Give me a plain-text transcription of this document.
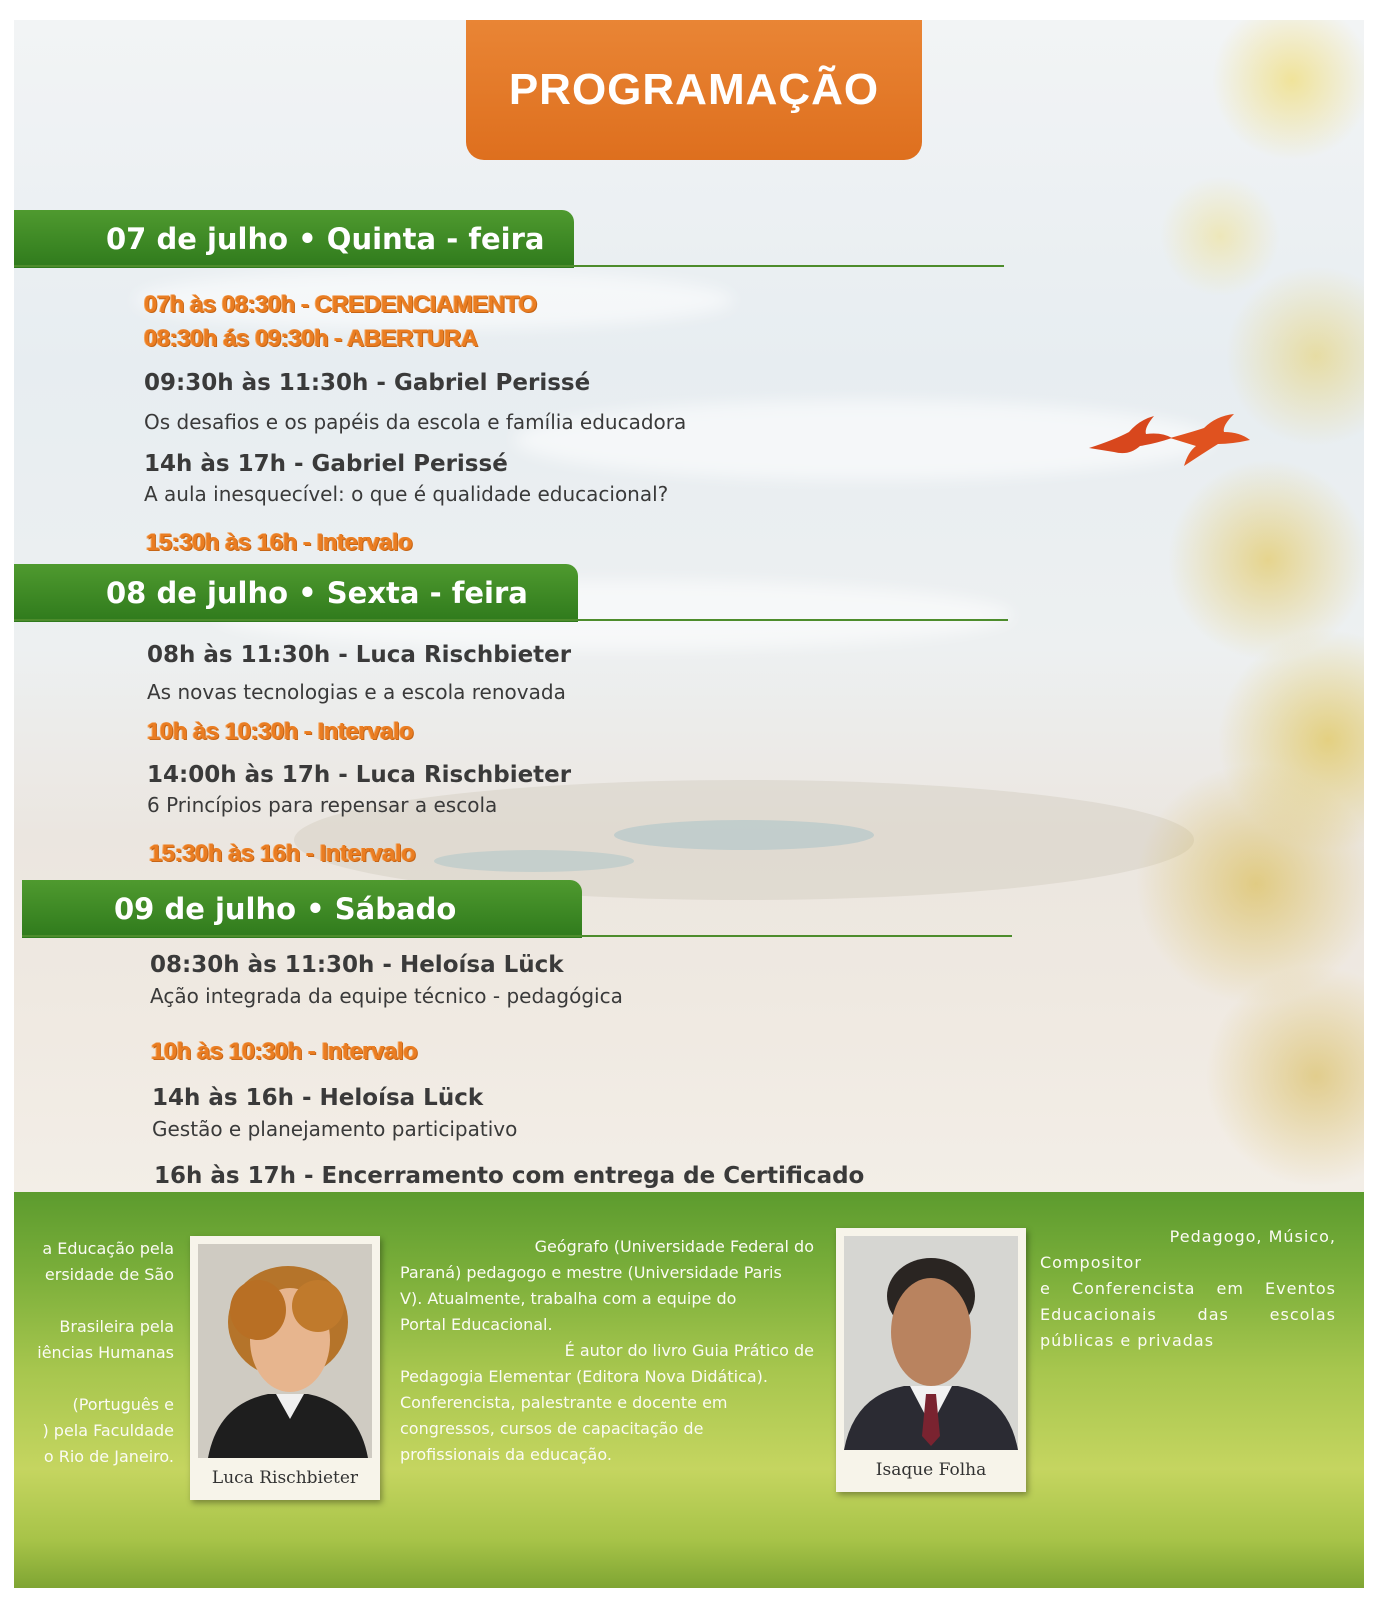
PROGRAMAÇÃO
07 de julho • Quinta - feira
07h às 08:30h - CREDENCIAMENTO
08:30h ás 09:30h - ABERTURA
09:30h às 11:30h - Gabriel Perissé
Os desafios e os papéis da escola e família educadora
14h às 17h - Gabriel Perissé
A aula inesquecível: o que é qualidade educacional?
15:30h às 16h - Intervalo
08 de julho • Sexta - feira
08h às 11:30h - Luca Rischbieter
As novas tecnologias e a escola renovada
10h às 10:30h - Intervalo
14:00h às 17h - Luca Rischbieter
6 Princípios para repensar a escola
15:30h às 16h - Intervalo
09 de julho • Sábado
08:30h às 11:30h - Heloísa Lück
Ação integrada da equipe técnico - pedagógica
10h às 10:30h - Intervalo
14h às 16h - Heloísa Lück
Gestão e planejamento participativo
16h às 17h - Encerramento com entrega de Certificado
a Educação pela
ersidade de São
Brasileira pela
iências Humanas
(Português e
) pela Faculdade
o Rio de Janeiro.
Luca Rischbieter
Geógrafo (Universidade Federal do
Paraná) pedagogo e mestre (Universidade Paris
V). Atualmente, trabalha com a equipe do
Portal Educacional.
É autor do livro Guia Prático de
Pedagogia Elementar (Editora Nova Didática).
Conferencista, palestrante e docente em
congressos, cursos de capacitação de
profissionais da educação.
Isaque Folha
Pedagogo, Músico,
Compositor
e Conferencista em Eventos
Educacionais das escolas
públicas e privadas
